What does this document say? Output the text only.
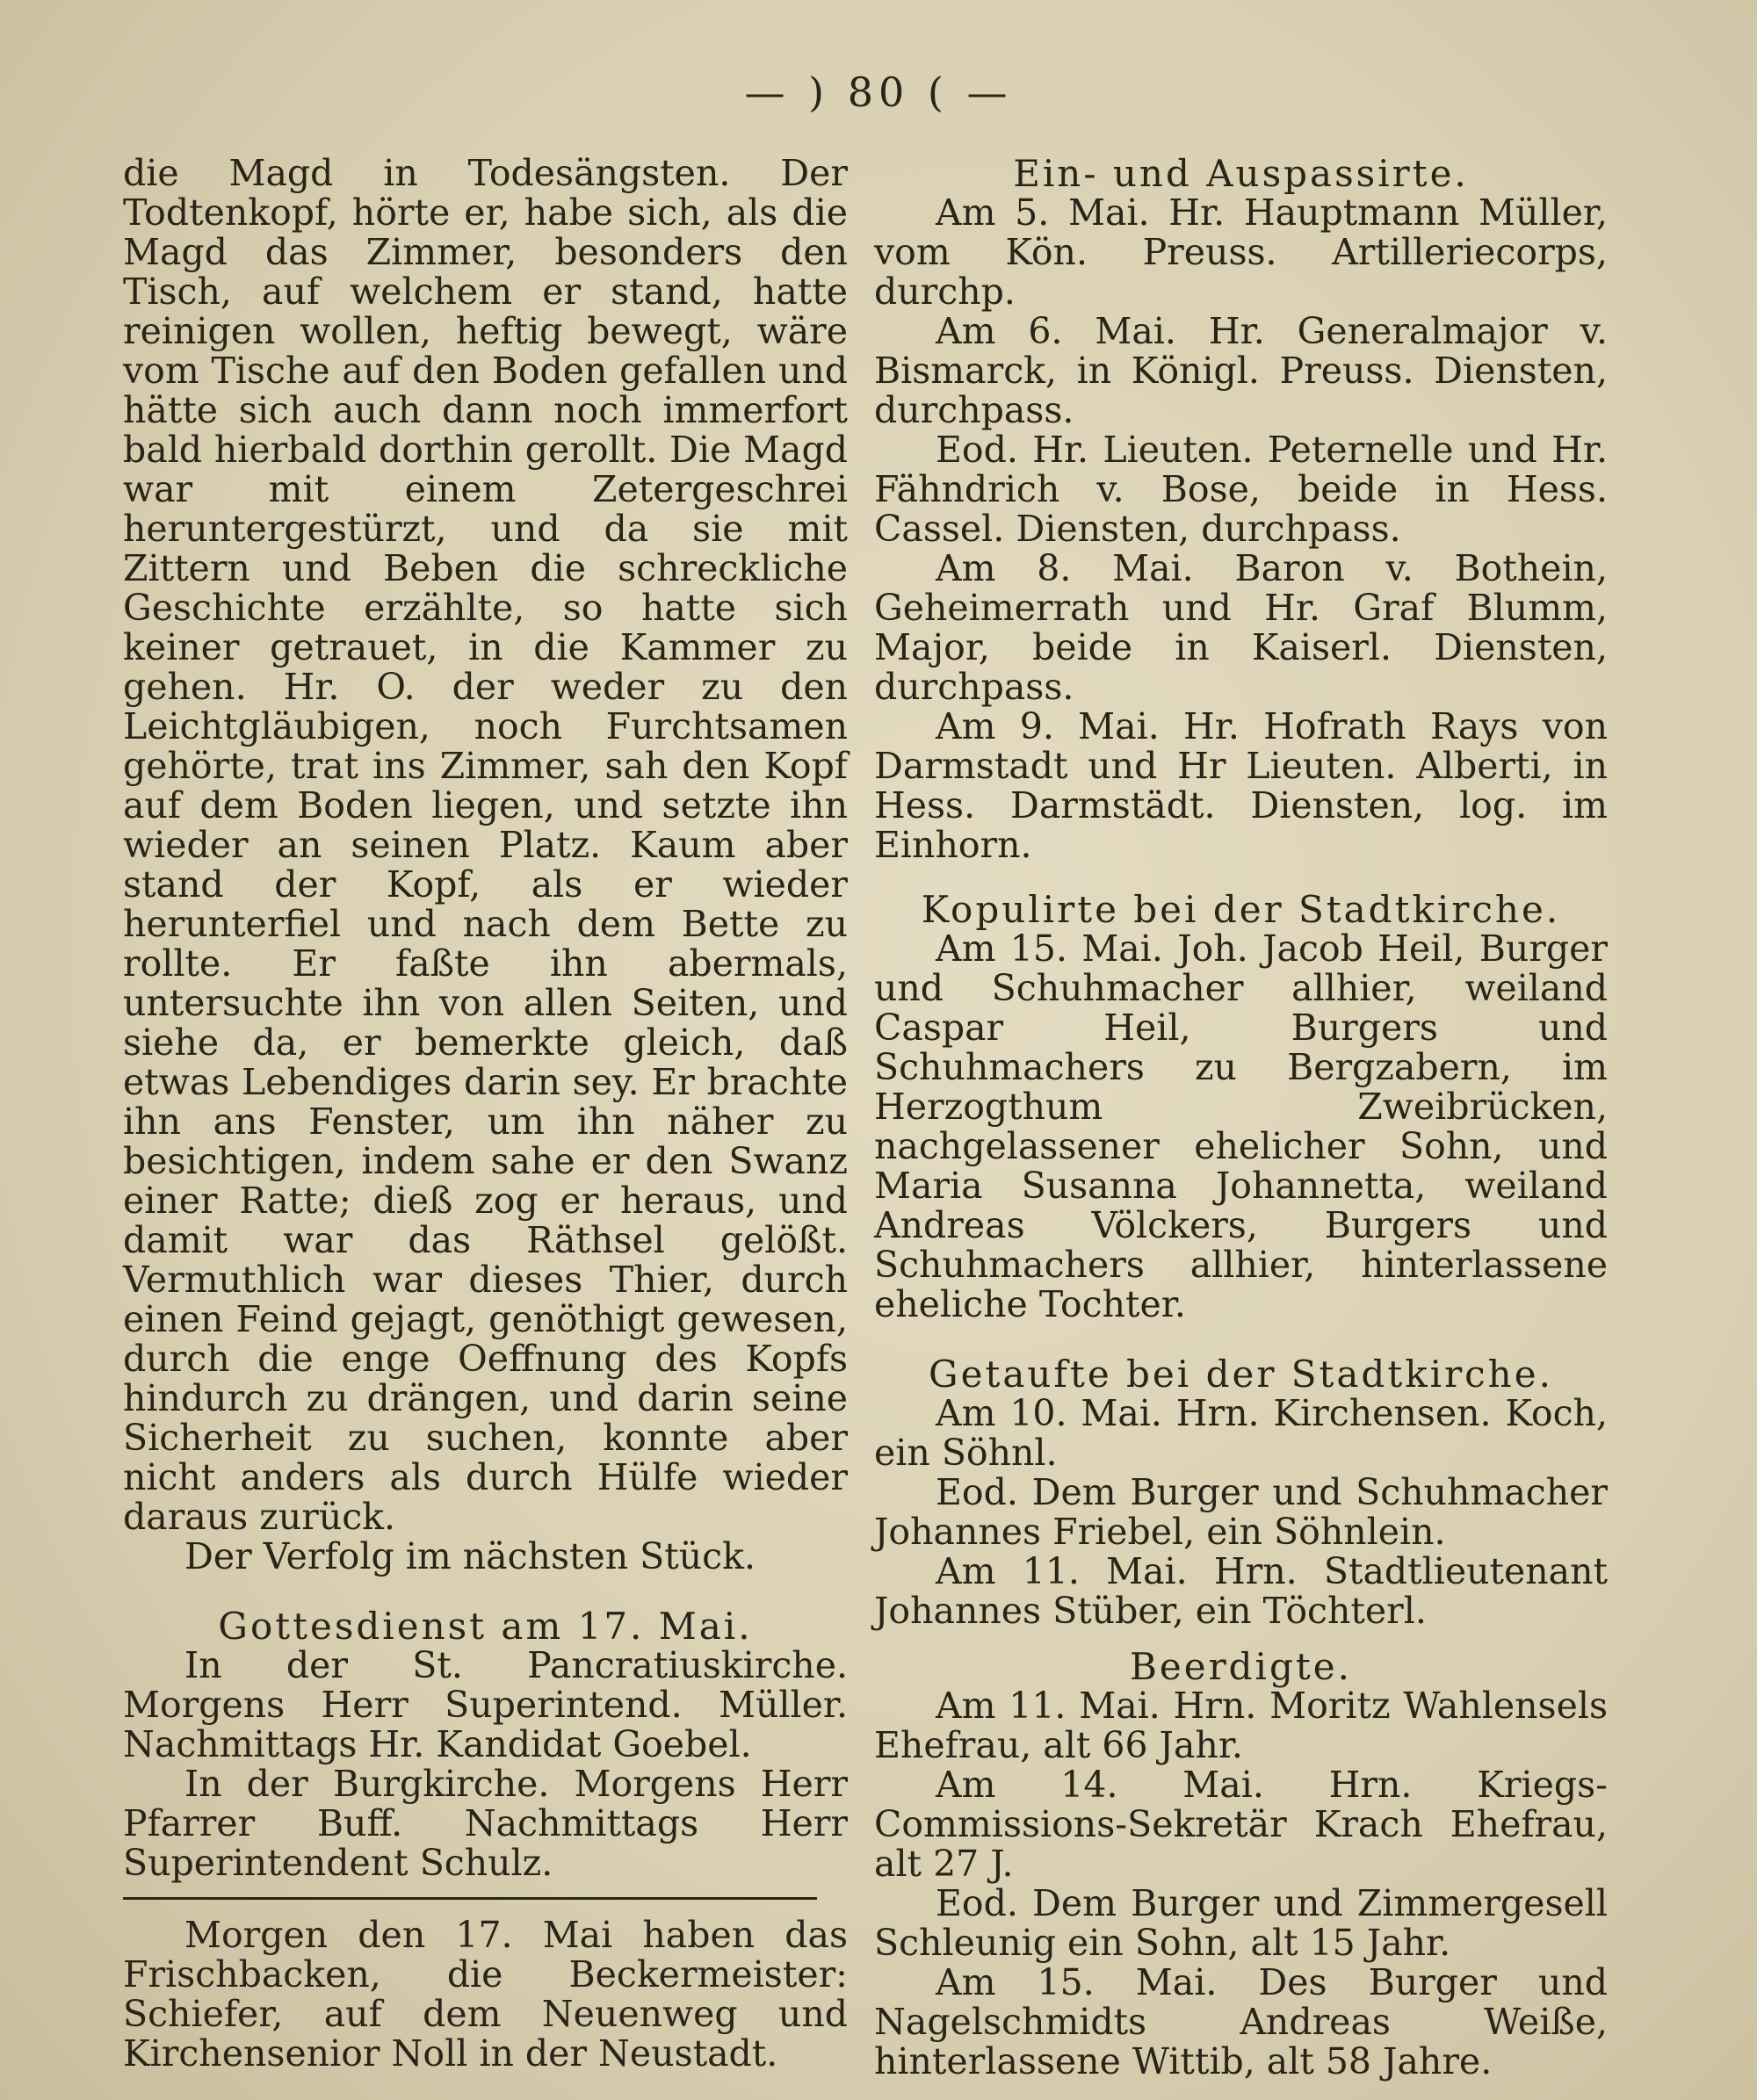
— ) 80 ( —

die Magd in Todesängsten. Der Todtenkopf, hörte er, habe sich, als die Magd das Zimmer, besonders den Tisch, auf welchem er stand, hatte reinigen wollen, heftig bewegt, wäre vom Tische auf den Boden gefallen und hätte sich auch dann noch immerfort bald hierbald dorthin gerollt. Die Magd war mit einem Zetergeschrei heruntergestürzt, und da sie mit Zittern und Beben die schreckliche Geschichte erzählte, so hatte sich keiner getrauet, in die Kammer zu gehen. Hr. O. der weder zu den Leichtgläubigen, noch Furchtsamen gehörte, trat ins Zimmer, sah den Kopf auf dem Boden liegen, und setzte ihn wieder an seinen Platz. Kaum aber stand der Kopf, als er wieder herunterfiel und nach dem Bette zu rollte. Er faßte ihn abermals, untersuchte ihn von allen Seiten, und siehe da, er bemerkte gleich, daß etwas Lebendiges darin sey. Er brachte ihn ans Fenster, um ihn näher zu besichtigen, indem sahe er den Swanz einer Ratte; dieß zog er heraus, und damit war das Räthsel gelößt. Vermuthlich war dieses Thier, durch einen Feind gejagt, genöthigt gewesen, durch die enge Oeffnung des Kopfs hindurch zu drängen, und darin seine Sicherheit zu suchen, konnte aber nicht anders als durch Hülfe wieder daraus zurück.

Der Verfolg im nächsten Stück.

Gottesdienst am 17. Mai.

In der St. Pancratiuskirche. Morgens Herr Superintend. Müller. Nachmittags Hr. Kandidat Goebel.

In der Burgkirche. Morgens Herr Pfarrer Buff. Nachmittags Herr Superintendent Schulz.

Morgen den 17. Mai haben das Frischbacken, die Beckermeister: Schiefer, auf dem Neuenweg und Kirchensenior Noll in der Neustadt.

Ein- und Auspassirte.

Am 5. Mai. Hr. Hauptmann Müller, vom Kön. Preuss. Artilleriecorps, durchp.

Am 6. Mai. Hr. Generalmajor v. Bismarck, in Königl. Preuss. Diensten, durchpass.

Eod. Hr. Lieuten. Peternelle und Hr. Fähndrich v. Bose, beide in Hess. Cassel. Diensten, durchpass.

Am 8. Mai. Baron v. Bothein, Geheimerrath und Hr. Graf Blumm, Major, beide in Kaiserl. Diensten, durchpass.

Am 9. Mai. Hr. Hofrath Rays von Darmstadt und Hr Lieuten. Alberti, in Hess. Darmstädt. Diensten, log. im Einhorn.

Kopulirte bei der Stadtkirche.

Am 15. Mai. Joh. Jacob Heil, Burger und Schuhmacher allhier, weiland Caspar Heil, Burgers und Schuhmachers zu Bergzabern, im Herzogthum Zweibrücken, nachgelassener ehelicher Sohn, und Maria Susanna Johannetta, weiland Andreas Völckers, Burgers und Schuhmachers allhier, hinterlassene eheliche Tochter.

Getaufte bei der Stadtkirche.

Am 10. Mai. Hrn. Kirchensen. Koch, ein Söhnl.

Eod. Dem Burger und Schuhmacher Johannes Friebel, ein Söhnlein.

Am 11. Mai. Hrn. Stadtlieutenant Johannes Stüber, ein Töchterl.

Beerdigte.

Am 11. Mai. Hrn. Moritz Wahlensels Ehefrau, alt 66 Jahr.

Am 14. Mai. Hrn. Kriegs-Commissions-Sekretär Krach Ehefrau, alt 27 J.

Eod. Dem Burger und Zimmergesell Schleunig ein Sohn, alt 15 Jahr.

Am 15. Mai. Des Burger und Nagelschmidts Andreas Weiße, hinterlassene Wittib, alt 58 Jahre.
